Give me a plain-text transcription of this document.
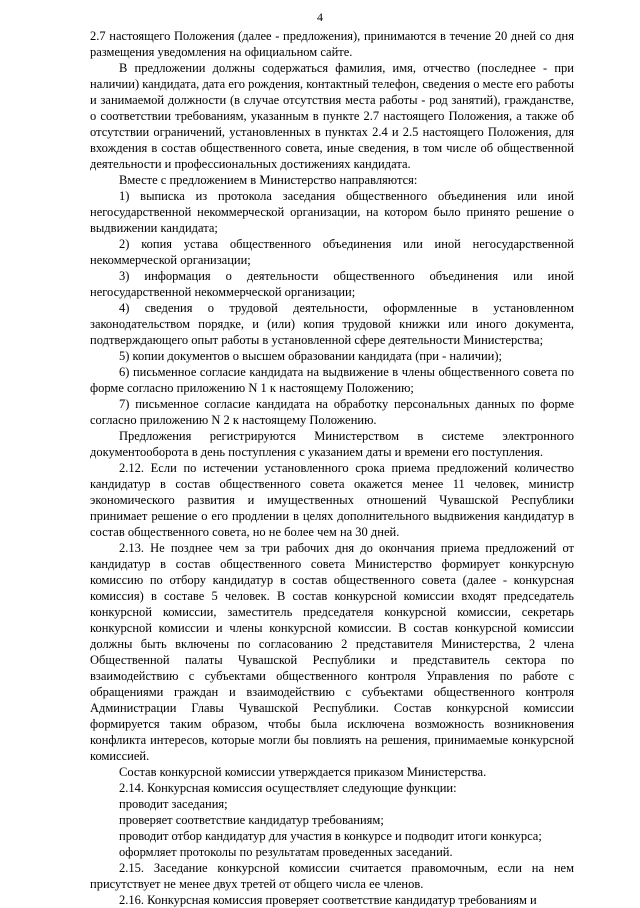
4

2.7 настоящего Положения (далее - предложения), принимаются в течение 20 дней со дня размещения уведомления на официальном сайте.

В предложении должны содержаться фамилия, имя, отчество (последнее - при наличии) кандидата, дата его рождения, контактный телефон, сведения о месте его работы и занимаемой должности (в случае отсутствия места работы - род занятий), гражданстве, о соответствии требованиям, указанным в пункте 2.7 настоящего Положения, а также об отсутствии ограничений, установленных в пунктах 2.4 и 2.5 настоящего Положения, для вхождения в состав общественного совета, иные сведения, в том числе об общественной деятельности и профессиональных достижениях кандидата.

Вместе с предложением в Министерство направляются:

1) выписка из протокола заседания общественного объединения или иной негосударственной некоммерческой организации, на котором было принято решение о выдвижении кандидата;

2) копия устава общественного объединения или иной негосударственной некоммерческой организации;

3) информация о деятельности общественного объединения или иной негосударственной некоммерческой организации;

4) сведения о трудовой деятельности, оформленные в установленном законодательством порядке, и (или) копия трудовой книжки или иного документа, подтверждающего опыт работы в установленной сфере деятельности Министерства;

5) копии документов о высшем образовании кандидата (при - наличии);

6) письменное согласие кандидата на выдвижение в члены общественного совета по форме согласно приложению N 1 к настоящему Положению;

7) письменное согласие кандидата на обработку персональных данных по форме согласно приложению N 2 к настоящему Положению.

Предложения регистрируются Министерством в системе электронного документооборота в день поступления с указанием даты и времени его поступления.

2.12. Если по истечении установленного срока приема предложений количество кандидатур в состав общественного совета окажется менее 11 человек, министр экономического развития и имущественных отношений Чувашской Республики принимает решение о его продлении в целях дополнительного выдвижения кандидатур в состав общественного совета, но не более чем на 30 дней.

2.13. Не позднее чем за три рабочих дня до окончания приема предложений от кандидатур в состав общественного совета Министерство формирует конкурсную комиссию по отбору кандидатур в состав общественного совета (далее - конкурсная комиссия) в составе 5 человек. В состав конкурсной комиссии входят председатель конкурсной комиссии, заместитель председателя конкурсной комиссии, секретарь конкурсной комиссии и члены конкурсной комиссии. В состав конкурсной комиссии должны быть включены по согласованию 2 представителя Министерства, 2 члена Общественной палаты Чувашской Республики и представитель сектора по взаимодействию с субъектами общественного контроля Управления по работе с обращениями граждан и взаимодействию с субъектами общественного контроля Администрации Главы Чувашской Республики. Состав конкурсной комиссии формируется таким образом, чтобы была исключена возможность возникновения конфликта интересов, которые могли бы повлиять на решения, принимаемые конкурсной комиссией.

Состав конкурсной комиссии утверждается приказом Министерства.

2.14. Конкурсная комиссия осуществляет следующие функции:

проводит заседания;

проверяет соответствие кандидатур требованиям;

проводит отбор кандидатур для участия в конкурсе и подводит итоги конкурса;

оформляет протоколы по результатам проведенных заседаний.

2.15. Заседание конкурсной комиссии считается правомочным, если на нем присутствует не менее двух третей от общего числа ее членов.

2.16. Конкурсная комиссия проверяет соответствие кандидатур требованиям и
